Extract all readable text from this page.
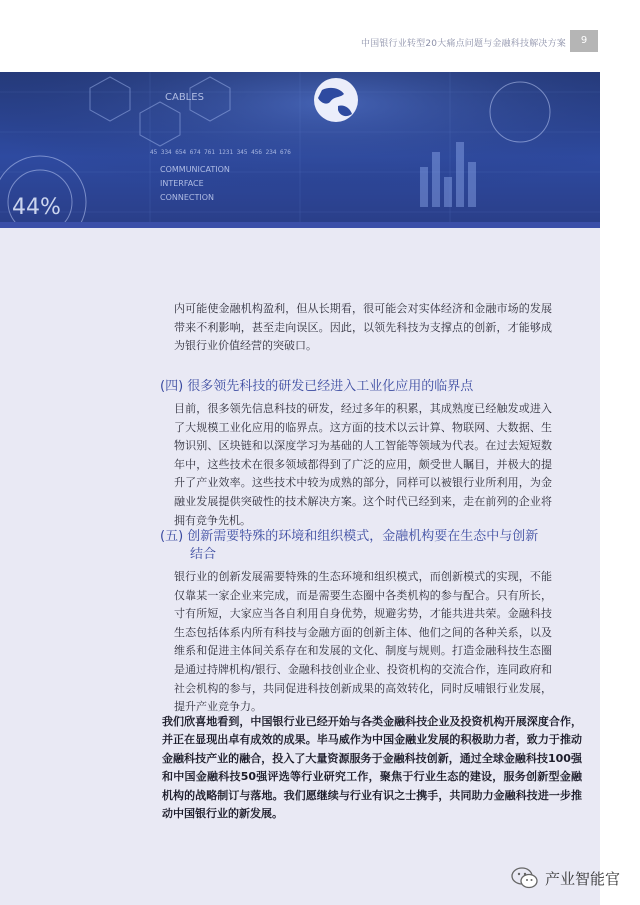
中国银行业转型20大痛点问题与金融科技解决方案	9
CABLES
45 334 654 674 761 1231 345 456 234 676
COMMUNICATION
INTERFACE
CONNECTION
44%
内可能使金融机构盈利，但从长期看，很可能会对实体经济和金融市场的发展带来不利影响，甚至走向误区。因此，以领先科技为支撑点的创新，才能够成为银行业价值经营的突破口。
(四) 很多领先科技的研发已经进入工业化应用的临界点
目前，很多领先信息科技的研发，经过多年的积累，其成熟度已经触发或进入了大规模工业化应用的临界点。这方面的技术以云计算、物联网、大数据、生物识别、区块链和以深度学习为基础的人工智能等领域为代表。在过去短短数年中，这些技术在很多领域都得到了广泛的应用，颇受世人瞩目，并极大的提升了产业效率。这些技术中较为成熟的部分，同样可以被银行业所利用，为金融业发展提供突破性的技术解决方案。这个时代已经到来，走在前列的企业将拥有竞争先机。
(五) 创新需要特殊的环境和组织模式，金融机构要在生态中与创新
结合
银行业的创新发展需要特殊的生态环境和组织模式，而创新模式的实现，不能仅靠某一家企业来完成，而是需要生态圈中各类机构的参与配合。只有所长，寸有所短，大家应当各自利用自身优势，规避劣势，才能共进共荣。金融科技生态包括体系内所有科技与金融方面的创新主体、他们之间的各种关系，以及维系和促进主体间关系存在和发展的文化、制度与规则。打造金融科技生态圈是通过持牌机构/银行、金融科技创业企业、投资机构的交流合作，连同政府和社会机构的参与，共同促进科技创新成果的高效转化，同时反哺银行业发展，提升产业竞争力。
我们欣喜地看到，中国银行业已经开始与各类金融科技企业及投资机构开展深度合作，并正在显现出卓有成效的成果。毕马威作为中国金融业发展的积极助力者，致力于推动金融科技产业的融合，投入了大量资源服务于金融科技创新，通过全球金融科技100强和中国金融科技50强评选等行业研究工作，聚焦于行业生态的建设，服务创新型金融机构的战略制订与落地。我们愿继续与行业有识之士携手，共同助力金融科技进一步推动中国银行业的新发展。
产业智能官
